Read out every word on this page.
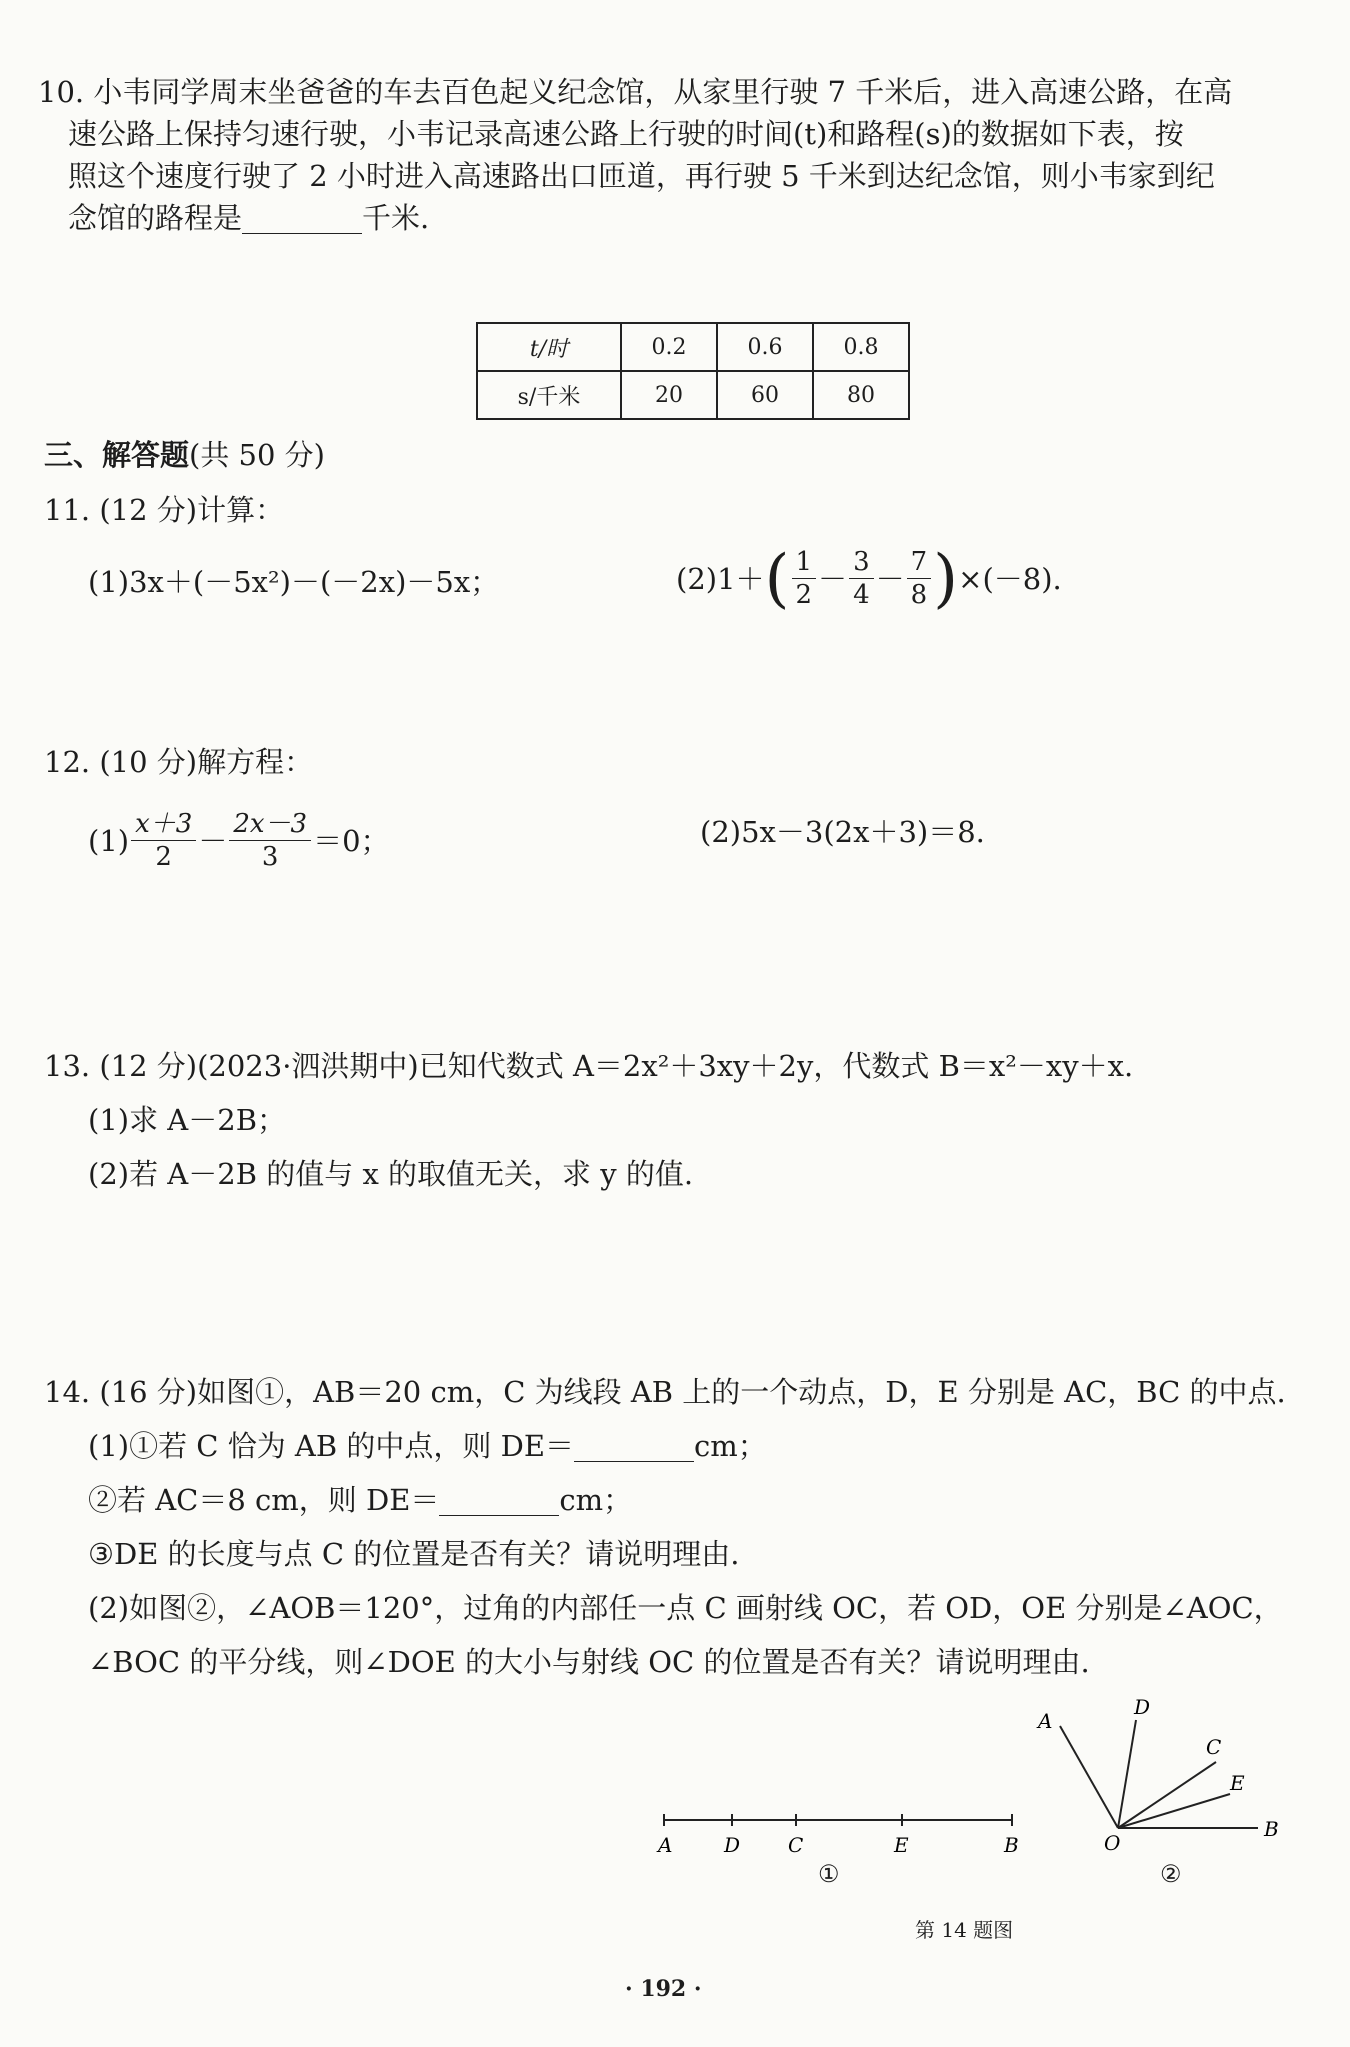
10. 小韦同学周末坐爸爸的车去百色起义纪念馆，从家里行驶 7 千米后，进入高速公路，在高
速公路上保持匀速行驶，小韦记录高速公路上行驶的时间(t)和路程(s)的数据如下表，按
照这个速度行驶了 2 小时进入高速路出口匝道，再行驶 5 千米到达纪念馆，则小韦家到纪
念馆的路程是	千米.
t/时	0.2	0.6	0.8
s/千米	20	60	80
三、解答题(共 50 分)
11. (12 分)计算：
(1)3x＋(－5x²)－(－2x)－5x；	(2)1＋ ( $\frac{1}{2} - \frac{3}{4} - \frac{7}{8}$ ) ×(－8).
12. (10 分)解方程：
$(1) \frac{x+3}{2} - \frac{2x-3}{3} =0$；	(2)5x－3(2x＋3)＝8.
13. (12 分)(2023·泗洪期中)已知代数式 A＝2x²＋3xy＋2y，代数式 B＝x²－xy＋x.
(1)求 A－2B；
(2)若 A－2B 的值与 x 的取值无关，求 y 的值.
14. (16 分)如图①，AB＝20 cm，C 为线段 AB 上的一个动点，D，E 分别是 AC，BC 的中点.
(1)①若 C 恰为 AB 的中点，则 DE＝	cm；
②若 AC＝8 cm，则 DE＝	cm；
③DE 的长度与点 C 的位置是否有关？请说明理由.
(2)如图②，∠AOB＝120°，过角的内部任一点 C 画射线 OC，若 OD，OE 分别是∠AOC，
∠BOC 的平分线，则∠DOE 的大小与射线 OC 的位置是否有关？请说明理由.
A	D C	E	B
①
A
D
C
E
O
B
②
第 14 题图
· 192 ·
